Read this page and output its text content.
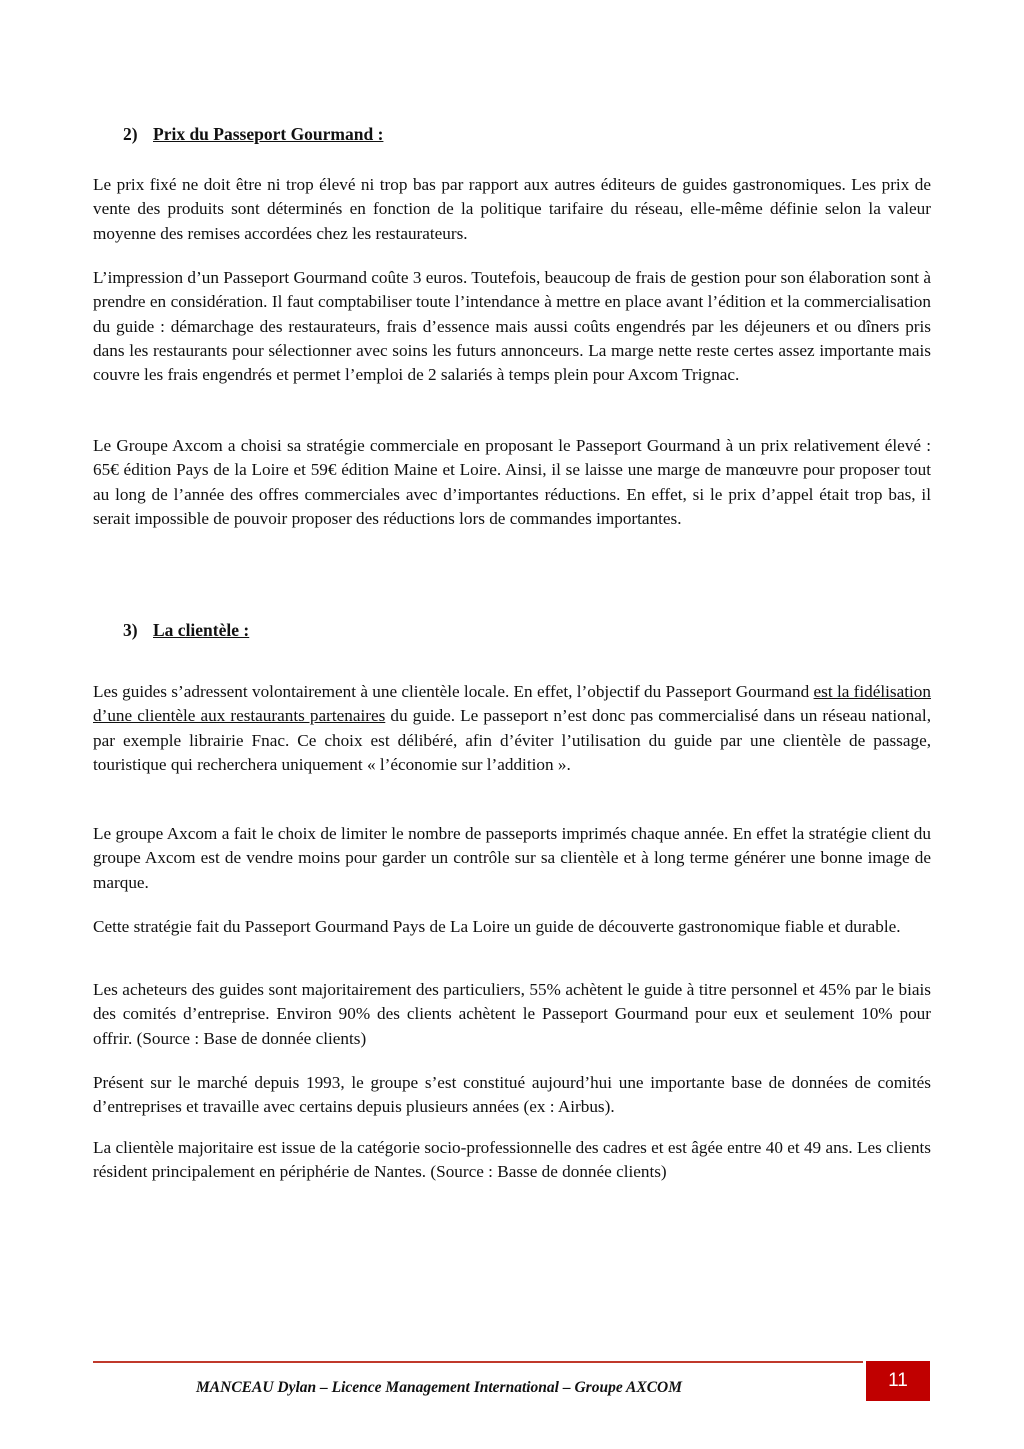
2) Prix du Passeport Gourmand :

Le prix fixé ne doit être ni trop élevé ni trop bas par rapport aux autres éditeurs de guides gastronomiques. Les prix de vente des produits sont déterminés en fonction de la politique tarifaire du réseau, elle-même définie selon la valeur moyenne des remises accordées chez les restaurateurs.

L’impression d’un Passeport Gourmand coûte 3 euros. Toutefois, beaucoup de frais de gestion pour son élaboration sont à prendre en considération. Il faut comptabiliser toute l’intendance à mettre en place avant l’édition et la commercialisation du guide : démarchage des restaurateurs, frais d’essence mais aussi coûts engendrés par les déjeuners et ou dîners pris dans les restaurants pour sélectionner avec soins les futurs annonceurs. La marge nette reste certes assez importante mais couvre les frais engendrés et permet l’emploi de 2 salariés à temps plein pour Axcom Trignac.

Le Groupe Axcom a choisi sa stratégie commerciale en proposant le Passeport Gourmand à un prix relativement élevé : 65€ édition Pays de la Loire et 59€ édition Maine et Loire. Ainsi, il se laisse une marge de manœuvre pour proposer tout au long de l’année des offres commerciales avec d’importantes réductions. En effet, si le prix d’appel était trop bas, il serait impossible de pouvoir proposer des réductions lors de commandes importantes.

3) La clientèle :

Les guides s’adressent volontairement à une clientèle locale. En effet, l’objectif du Passeport Gourmand est la fidélisation d’une clientèle aux restaurants partenaires du guide. Le passeport n’est donc pas commercialisé dans un réseau national, par exemple librairie Fnac. Ce choix est délibéré, afin d’éviter l’utilisation du guide par une clientèle de passage, touristique qui recherchera uniquement « l’économie sur l’addition ».

Le groupe Axcom a fait le choix de limiter le nombre de passeports imprimés chaque année. En effet la stratégie client du groupe Axcom est de vendre moins pour garder un contrôle sur sa clientèle et à long terme générer une bonne image de marque.

Cette stratégie fait du Passeport Gourmand Pays de La Loire un guide de découverte gastronomique fiable et durable.

Les acheteurs des guides sont majoritairement des particuliers, 55% achètent le guide à titre personnel et 45% par le biais des comités d’entreprise. Environ 90% des clients achètent le Passeport Gourmand pour eux et seulement 10% pour offrir. (Source : Base de donnée clients)

Présent sur le marché depuis 1993, le groupe s’est constitué aujourd’hui une importante base de données de comités d’entreprises et travaille avec certains depuis plusieurs années (ex : Airbus).

La clientèle majoritaire est issue de la catégorie socio-professionnelle des cadres et est âgée entre 40 et 49 ans. Les clients résident principalement en périphérie de Nantes. (Source : Basse de donnée clients)

MANCEAU Dylan – Licence Management International – Groupe AXCOM	11
